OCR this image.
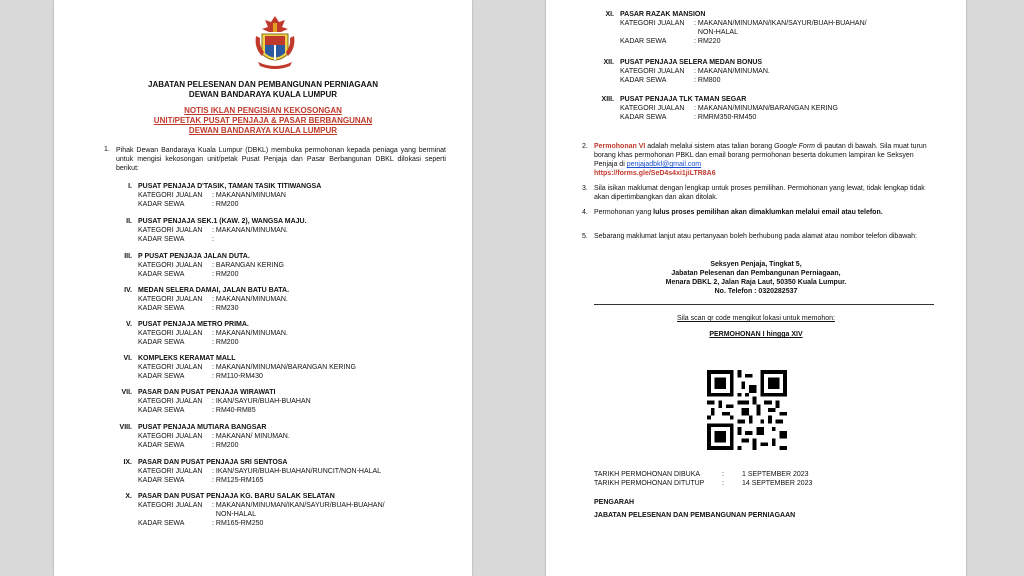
JABATAN PELESENAN DAN PEMBANGUNAN PERNIAGAAN
DEWAN BANDARAYA KUALA LUMPUR
NOTIS IKLAN PENGISIAN KEKOSONGAN
UNIT/PETAK PUSAT PENJAJA & PASAR BERBANGUNAN
DEWAN BANDARAYA KUALA LUMPUR
1. Pihak Dewan Bandaraya Kuala Lumpur (DBKL) membuka permohonan kepada peniaga yang berminat untuk mengisi kekosongan unit/petak Pusat Penjaja dan Pasar Berbangunan DBKL dilokasi seperti berikut:
I. PUSAT PENJAJA D'TASIK, TAMAN TASIK TITIWANGSA
KATEGORI JUALAN : MAKANAN/MINUMAN
KADAR SEWA	: RM200
II. PUSAT PENJAJA SEK.1 (KAW. 2), WANGSA MAJU.
KATEGORI JUALAN : MAKANAN/MINUMAN.
KADAR SEWA	:
III. P PUSAT PENJAJA JALAN DUTA.
KATEGORI JUALAN : BARANGAN KERING
KADAR SEWA	: RM200
IV. MEDAN SELERA DAMAI, JALAN BATU BATA.
KATEGORI JUALAN : MAKANAN/MINUMAN.
KADAR SEWA	: RM230
V. PUSAT PENJAJA METRO PRIMA.
KATEGORI JUALAN : MAKANAN/MINUMAN.
KADAR SEWA	: RM200
VI. KOMPLEKS KERAMAT MALL
KATEGORI JUALAN : MAKANAN/MINUMAN/BARANGAN KERING
KADAR SEWA	: RM110-RM430
VII. PASAR DAN PUSAT PENJAJA WIRAWATI
KATEGORI JUALAN : IKAN/SAYUR/BUAH-BUAHAN
KADAR SEWA	: RM40-RM85
VIII. PUSAT PENJAJA MUTIARA BANGSAR
KATEGORI JUALAN : MAKANAN/ MINUMAN.
KADAR SEWA	: RM200
IX. PASAR DAN PUSAT PENJAJA SRI SENTOSA
KATEGORI JUALAN : IKAN/SAYUR/BUAH-BUAHAN/RUNCIT/NON-HALAL
KADAR SEWA	: RM125-RM165
X. PASAR DAN PUSAT PENJAJA KG. BARU SALAK SELATAN
KATEGORI JUALAN : MAKANAN/MINUMAN/IKAN/SAYUR/BUAH-BUAHAN/
NON-HALAL
KADAR SEWA	: RM165-RM250
XI. PASAR RAZAK MANSION
KATEGORI JUALAN : MAKANAN/MINUMAN/IKAN/SAYUR/BUAH-BUAHAN/
NON-HALAL
KADAR SEWA	: RM220
XII. PUSAT PENJAJA SELERA MEDAN BONUS
KATEGORI JUALAN : MAKANAN/MINUMAN.
KADAR SEWA	: RM800
XIII. PUSAT PENJAJA TLK TAMAN SEGAR
KATEGORI JUALAN : MAKANAN/MINUMAN/BARANGAN KERING
KADAR SEWA	: RMRM350-RM450
2. Permohonan VI adalah melalui sistem atas talian borang Google Form di pautan di bawah. Sila muat turun borang khas permohonan PBKL dan email borang permohonan beserta dokumen lampiran ke Seksyen Penjaja di penjajadbkl@gmail.com
https://forms.gle/SeD4s4xi1jiLTR8A6
3. Sila isikan maklumat dengan lengkap untuk proses pemilihan. Permohonan yang lewat, tidak lengkap tidak akan dipertimbangkan dan akan ditolak.
4. Permohonan yang lulus proses pemilihan akan dimaklumkan melalui email atau telefon.
5. Sebarang maklumat lanjut atau pertanyaan boleh berhubung pada alamat atau nombor telefon dibawah:
Seksyen Penjaja, Tingkat 5,
Jabatan Pelesenan dan Pembangunan Perniagaan,
Menara DBKL 2, Jalan Raja Laut, 50350 Kuala Lumpur.
No. Telefon : 0320282537
Sila scan qr code mengikut lokasi untuk memohon:
PERMOHONAN I hingga XIV
TARIKH PERMOHONAN DIBUKA	:	1 SEPTEMBER 2023
TARIKH PERMOHONAN DITUTUP	:	14 SEPTEMBER 2023
PENGARAH
JABATAN PELESENAN DAN PEMBANGUNAN PERNIAGAAN
